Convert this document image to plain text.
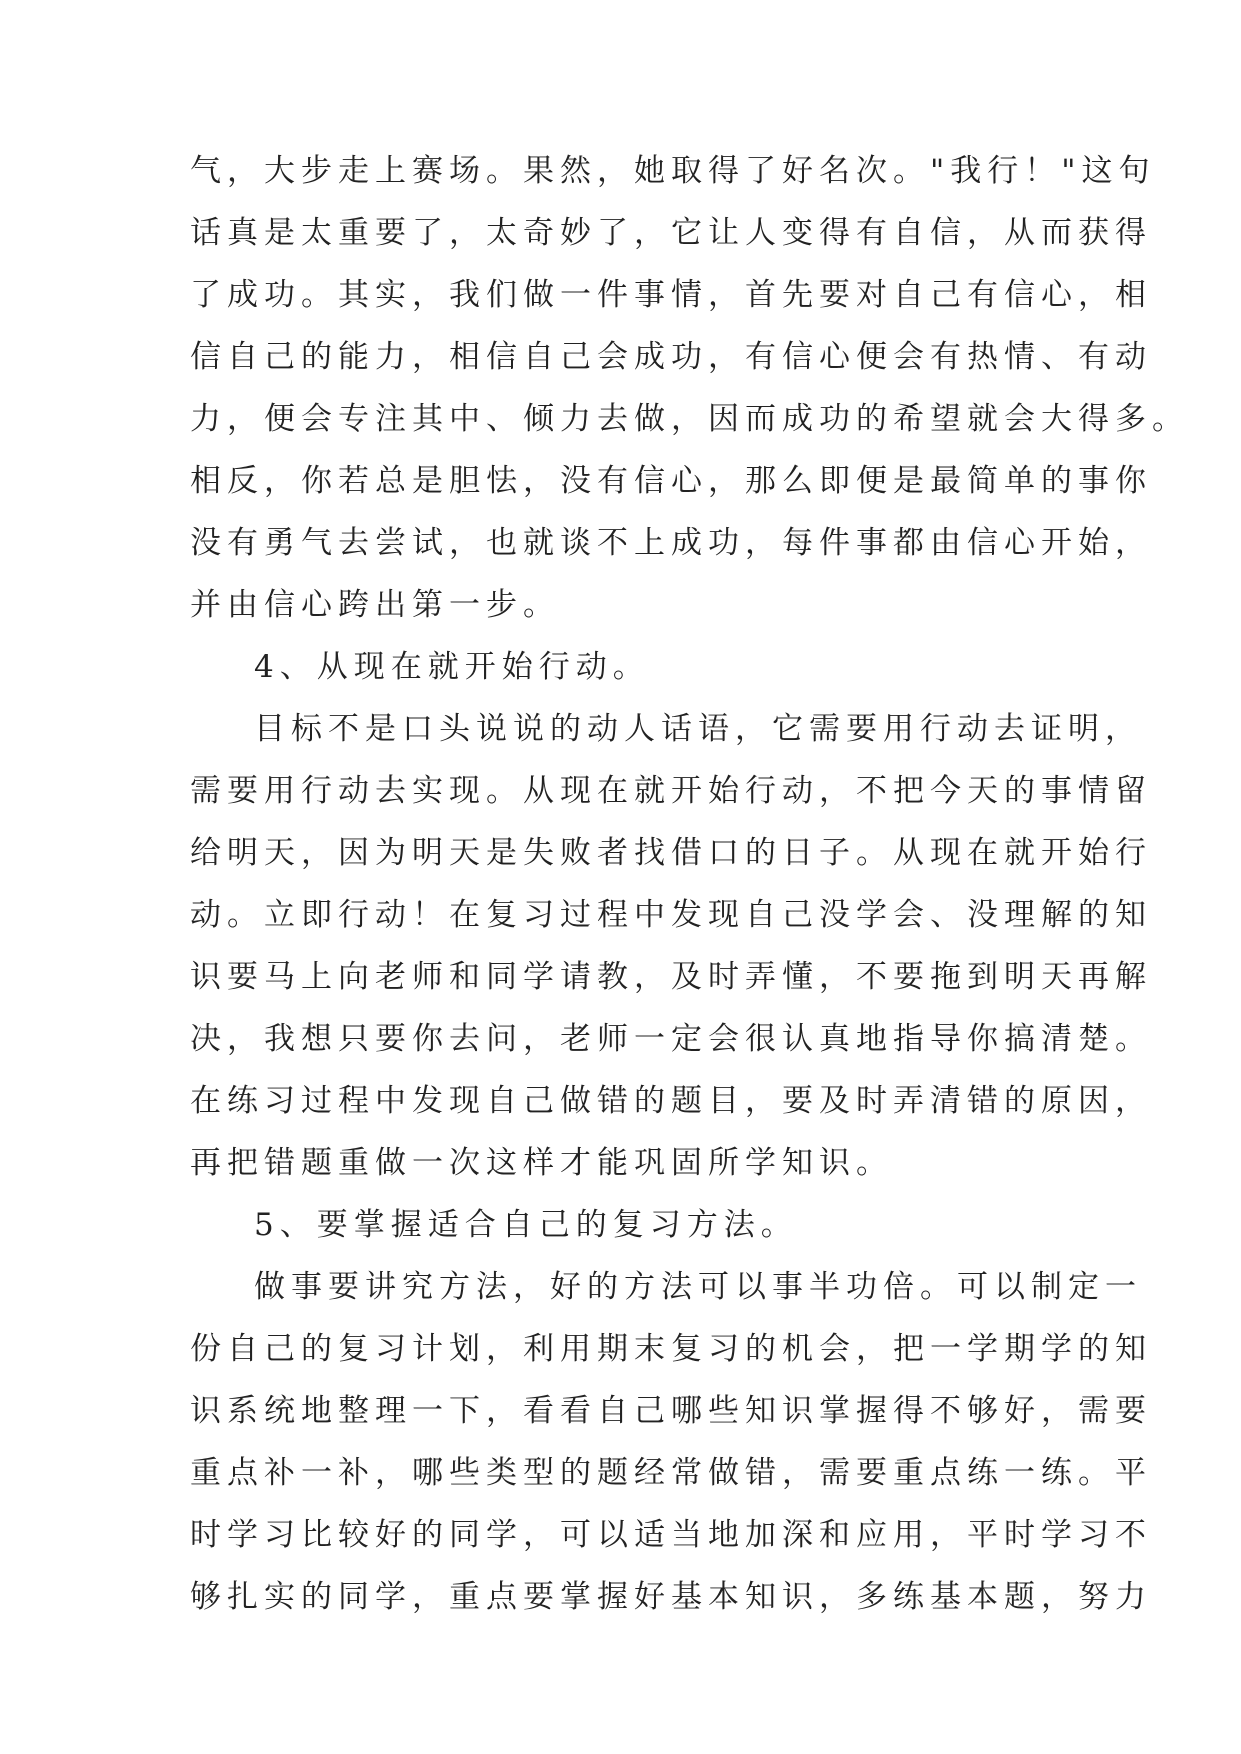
气，大步走上赛场。果然，她取得了好名次。"我行！"这句
话真是太重要了，太奇妙了，它让人变得有自信，从而获得
了成功。其实，我们做一件事情，首先要对自己有信心，相
信自己的能力，相信自己会成功，有信心便会有热情、有动
力，便会专注其中、倾力去做，因而成功的希望就会大得多。
相反，你若总是胆怯，没有信心，那么即便是最简单的事你
没有勇气去尝试，也就谈不上成功，每件事都由信心开始，
并由信心跨出第一步。
4、从现在就开始行动。
目标不是口头说说的动人话语，它需要用行动去证明，
需要用行动去实现。从现在就开始行动，不把今天的事情留
给明天，因为明天是失败者找借口的日子。从现在就开始行
动。立即行动！在复习过程中发现自己没学会、没理解的知
识要马上向老师和同学请教，及时弄懂，不要拖到明天再解
决，我想只要你去问，老师一定会很认真地指导你搞清楚。
在练习过程中发现自己做错的题目，要及时弄清错的原因，
再把错题重做一次这样才能巩固所学知识。
5、要掌握适合自己的复习方法。
做事要讲究方法，好的方法可以事半功倍。可以制定一
份自己的复习计划，利用期末复习的机会，把一学期学的知
识系统地整理一下，看看自己哪些知识掌握得不够好，需要
重点补一补，哪些类型的题经常做错，需要重点练一练。平
时学习比较好的同学，可以适当地加深和应用，平时学习不
够扎实的同学，重点要掌握好基本知识，多练基本题，努力
